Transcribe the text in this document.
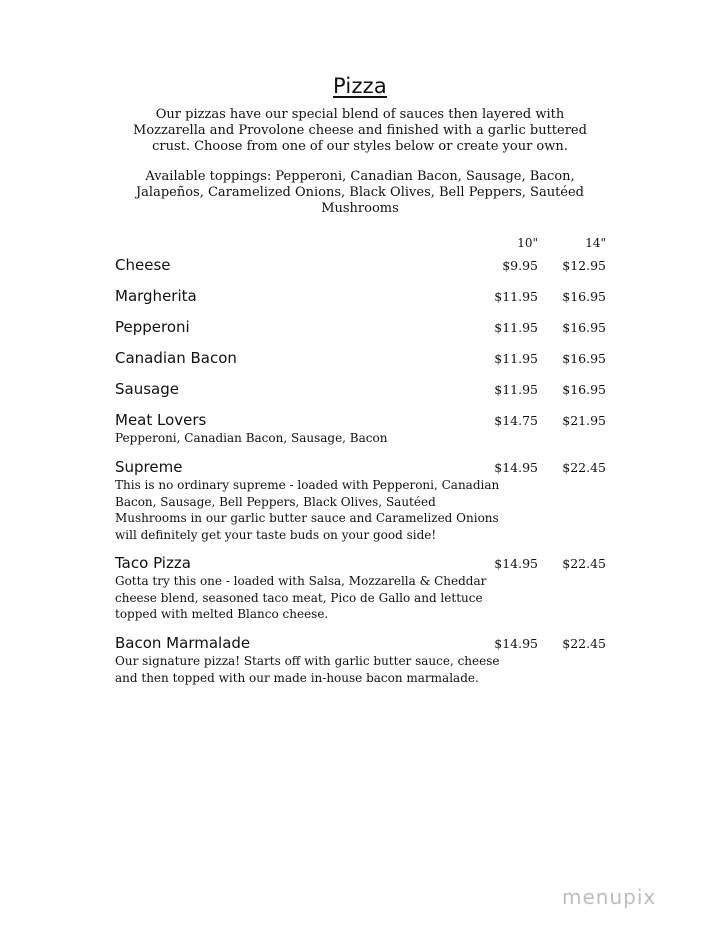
Pizza
Our pizzas have our special blend of sauces then layered with
Mozzarella and Provolone cheese and finished with a garlic buttered
crust. Choose from one of our styles below or create your own.
Available toppings: Pepperoni, Canadian Bacon, Sausage, Bacon,
Jalapeños, Caramelized Onions, Black Olives, Bell Peppers, Sautéed
Mushrooms
10"	14"
Cheese	$9.95	$12.95
Margherita	$11.95	$16.95
Pepperoni	$11.95	$16.95
Canadian Bacon	$11.95	$16.95
Sausage	$11.95	$16.95
Meat Lovers	$14.75	$21.95
Pepperoni, Canadian Bacon, Sausage, Bacon
Supreme	$14.95	$22.45
This is no ordinary supreme - loaded with Pepperoni, Canadian
Bacon, Sausage, Bell Peppers, Black Olives, Sautéed
Mushrooms in our garlic butter sauce and Caramelized Onions
will definitely get your taste buds on your good side!
Taco Pizza	$14.95	$22.45
Gotta try this one - loaded with Salsa, Mozzarella & Cheddar
cheese blend, seasoned taco meat, Pico de Gallo and lettuce
topped with melted Blanco cheese.
Bacon Marmalade	$14.95	$22.45
Our signature pizza! Starts off with garlic butter sauce, cheese
and then topped with our made in-house bacon marmalade.
menupix
